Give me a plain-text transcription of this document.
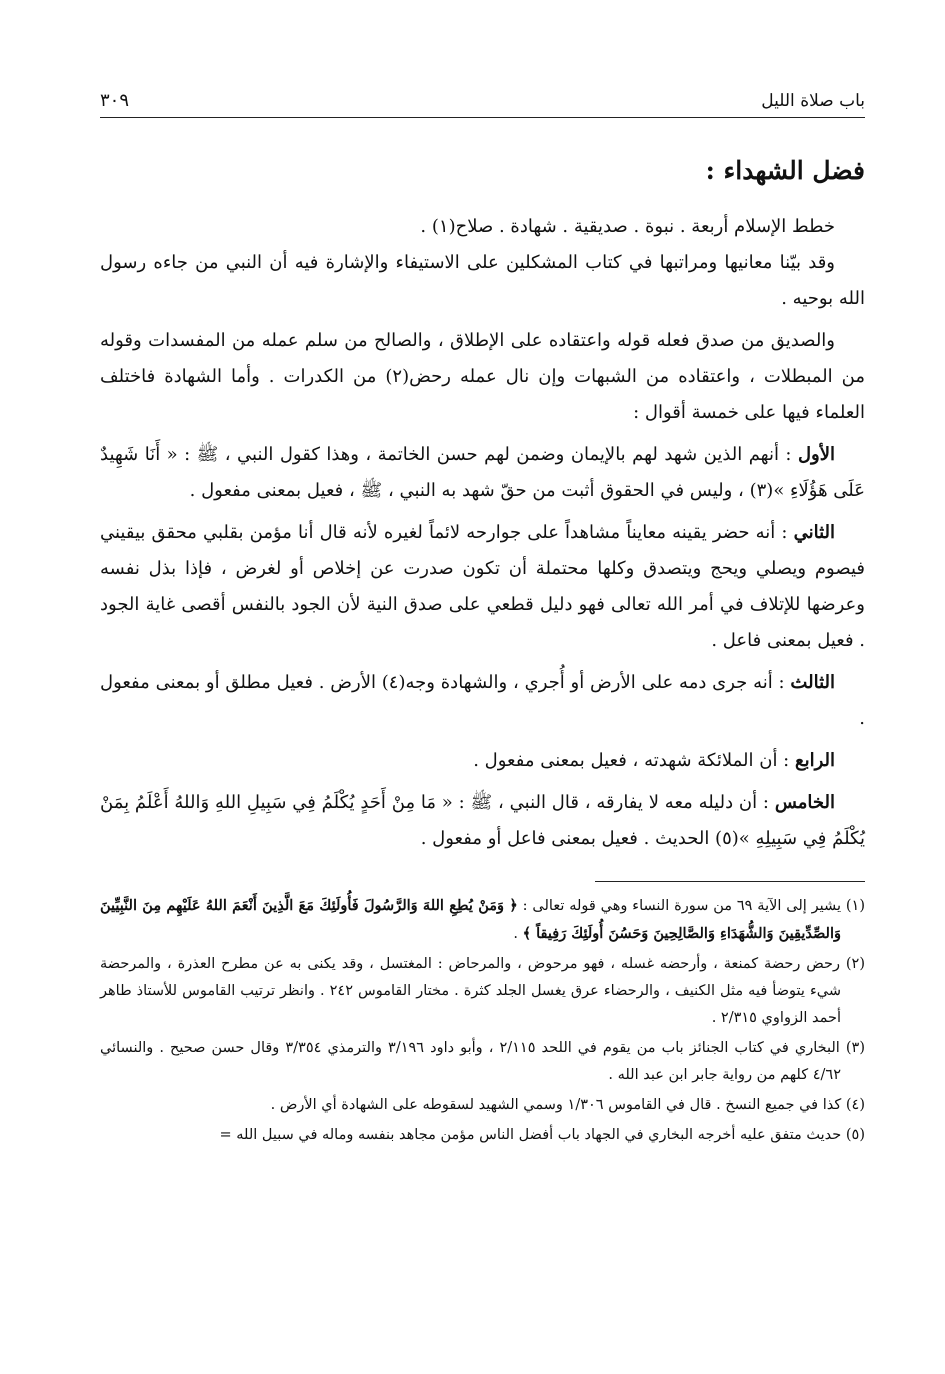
باب صلاة الليل
٣٠٩
فضل الشهداء :

خطط الإسلام أربعة . نبوة . صديقية . شهادة . صلاح(١) .

وقد بيّنا معانيها ومراتبها في كتاب المشكلين على الاستيفاء والإشارة فيه أن النبي من جاءه رسول الله بوحيه .

والصديق من صدق فعله قوله واعتقاده على الإطلاق ، والصالح من سلم عمله من المفسدات وقوله من المبطلات ، واعتقاده من الشبهات وإن نال عمله رحض(٢) من الكدرات . وأما الشهادة فاختلف العلماء فيها على خمسة أقوال :

الأول : أنهم الذين شهد لهم بالإيمان وضمن لهم حسن الخاتمة ، وهذا كقول النبي ، ﷺ : « أَنَا شَهِيدٌ عَلَى هَؤُلَاءِ »(٣) ، وليس في الحقوق أثبت من حقّ شهد به النبي ، ﷺ ، فعيل بمعنى مفعول .

الثاني : أنه حضر يقينه معايناً مشاهداً على جوارحه لائماً لغيره لأنه قال أنا مؤمن بقلبي محقق بيقيني فيصوم ويصلي ويحج ويتصدق وكلها محتملة أن تكون صدرت عن إخلاص أو لغرض ، فإذا بذل نفسه وعرضها للإتلاف في أمر الله تعالى فهو دليل قطعي على صدق النية لأن الجود بالنفس أقصى غاية الجود . فعيل بمعنى فاعل .

الثالث : أنه جرى دمه على الأرض أو أُجري ، والشهادة وجه(٤) الأرض . فعيل مطلق أو بمعنى مفعول .

الرابع : أن الملائكة شهدته ، فعيل بمعنى مفعول .

الخامس : أن دليله معه لا يفارقه ، قال النبي ، ﷺ : « مَا مِنْ أَحَدٍ يُكْلَمُ فِي سَبِيلِ اللهِ وَاللهُ أَعْلَمُ بِمَنْ يُكْلَمُ فِي سَبِيلِهِ »(٥) الحديث . فعيل بمعنى فاعل أو مفعول .

(١) يشير إلى الآية ٦٩ من سورة النساء وهي قوله تعالى : ﴿ وَمَنْ يُطِعِ اللهَ وَالرَّسُولَ فَأُولَئِكَ مَعَ الَّذِينَ أَنْعَمَ اللهُ عَلَيْهِم مِنَ النَّبِيِّينَ وَالصِّدِّيقِينَ وَالشُّهَدَاءِ وَالصَّالِحِينَ وَحَسُنَ أُولَئِكَ رَفِيقاً ﴾ .

(٢) رحض رحضة كمنعة ، وأرحضه غسله ، فهو مرحوض ، والمرحاض : المغتسل ، وقد يكنى به عن مطرح العذرة ، والمرحضة شيء يتوضأ فيه مثل الكنيف ، والرحضاء عرق يغسل الجلد كثرة . مختار القاموس ٢٤٢ . وانظر ترتيب القاموس للأستاذ طاهر أحمد الزواوي ٢/٣١٥ .

(٣) البخاري في كتاب الجنائز باب من يقوم في اللحد ٢/١١٥ ، وأبو داود ٣/١٩٦ والترمذي ٣/٣٥٤ وقال حسن صحيح . والنسائي ٤/٦٢ كلهم من رواية جابر ابن عبد الله .

(٤) كذا في جميع النسخ . قال في القاموس ١/٣٠٦ وسمي الشهيد لسقوطه على الشهادة أي الأرض .

(٥) حديث متفق عليه أخرجه البخاري في الجهاد باب أفضل الناس مؤمن مجاهد بنفسه وماله في سبيل الله =
